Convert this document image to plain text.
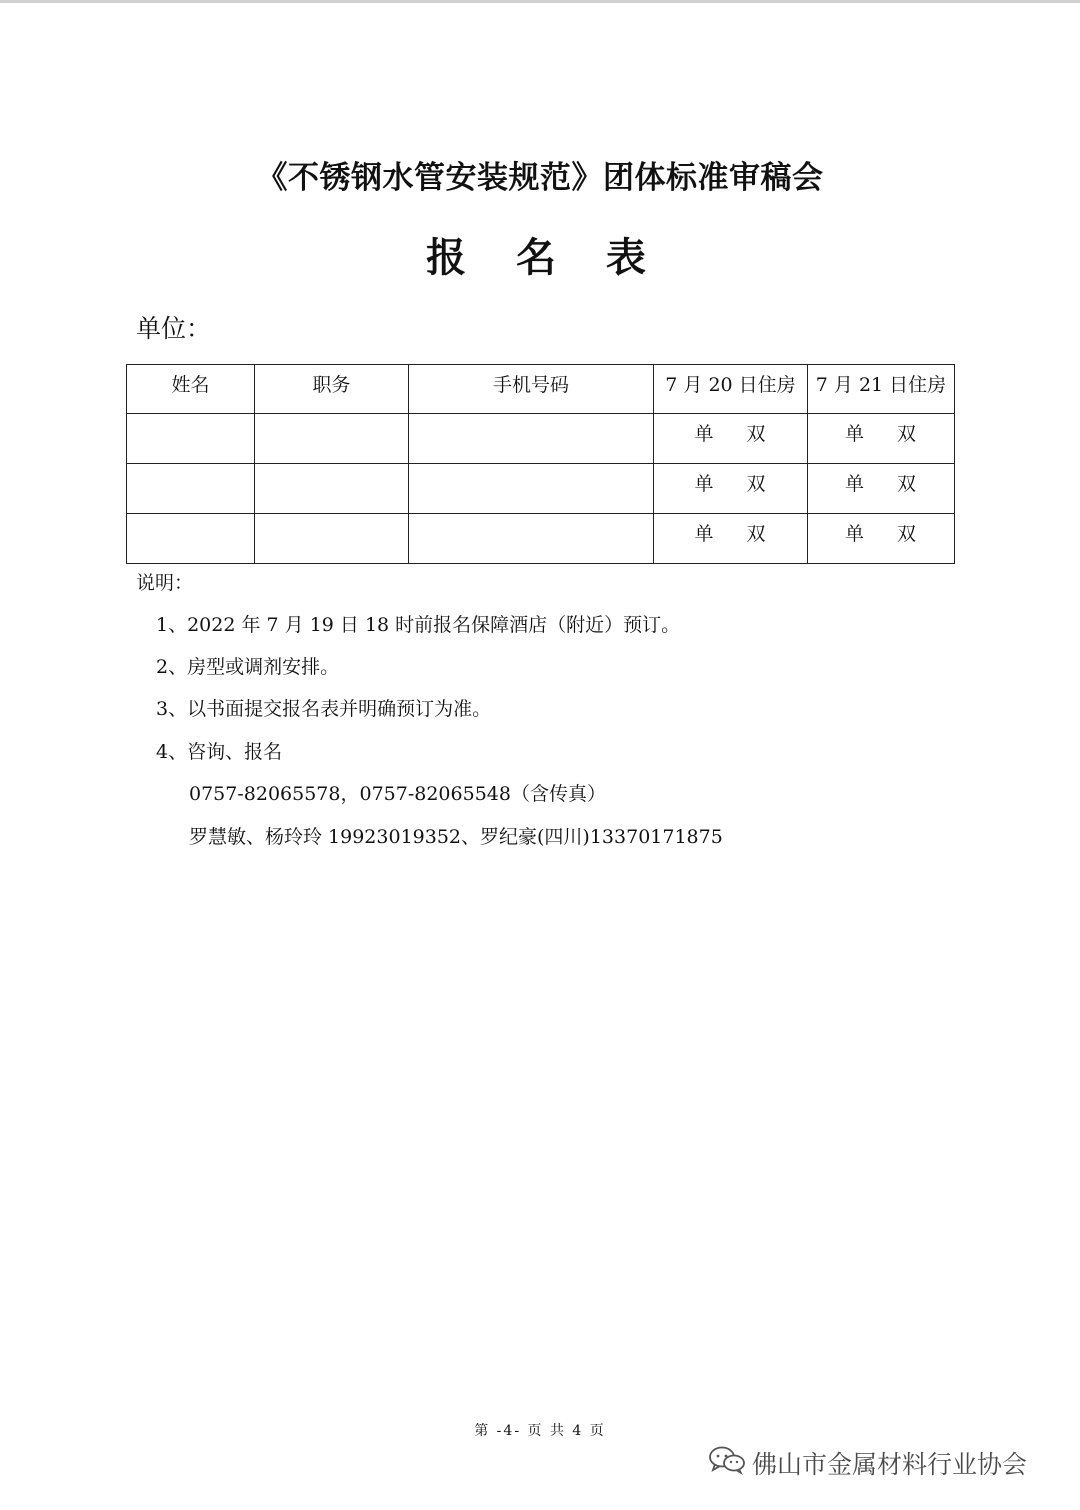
《不锈钢水管安装规范》团体标准审稿会
报 名 表
单位：
姓名	职务	手机号码	7 月 20 日住房	7 月 21 日住房
			单 双	单 双
			单 双	单 双
			单 双	单 双
说明：
1、2022 年 7 月 19 日 18 时前报名保障酒店（附近）预订。
2、房型或调剂安排。
3、以书面提交报名表并明确预订为准。
4、咨询、报名
0757-82065578，0757-82065548（含传真）
罗慧敏、杨玲玲 19923019352、罗纪豪(四川)13370171875
第 -4- 页 共 4 页
佛山市金属材料行业协会
